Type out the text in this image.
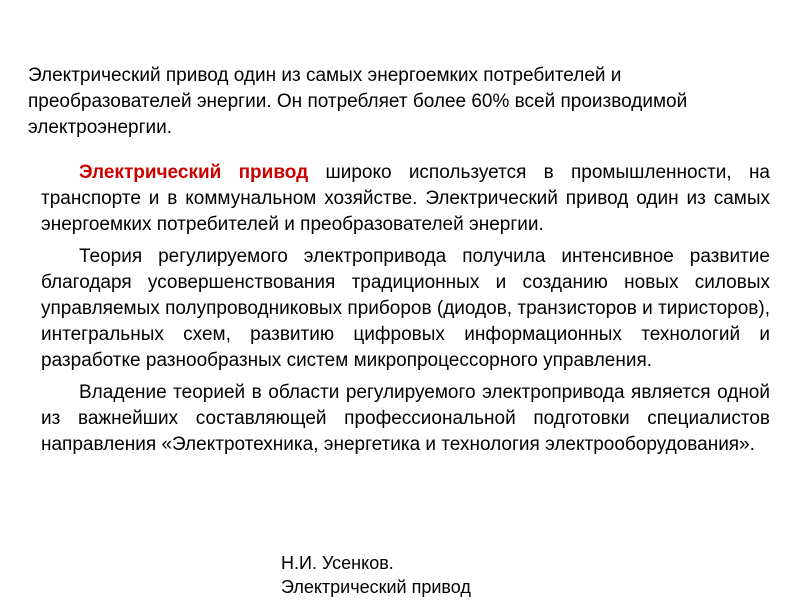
Электрический привод один из самых энергоемких потребителей и преобразователей энергии. Он потребляет более 60% всей производимой электроэнергии.

Электрический привод широко используется в промышленности, на транспорте и в коммунальном хозяйстве. Электрический привод один из самых энергоемких потребителей и преобразователей энергии.

Теория регулируемого электропривода получила интенсивное развитие благодаря усовершенствования традиционных и созданию новых силовых управляемых полупроводниковых приборов (диодов, транзисторов и тиристоров), интегральных схем, развитию цифровых информационных технологий и разработке разнообразных систем микропроцессорного управления.

Владение теорией в области регулируемого электропривода является одной из важнейших составляющей профессиональной подготовки специалистов направления «Электротехника, энергетика и технология электрооборудования».

Н.И. Усенков.
Электрический привод
